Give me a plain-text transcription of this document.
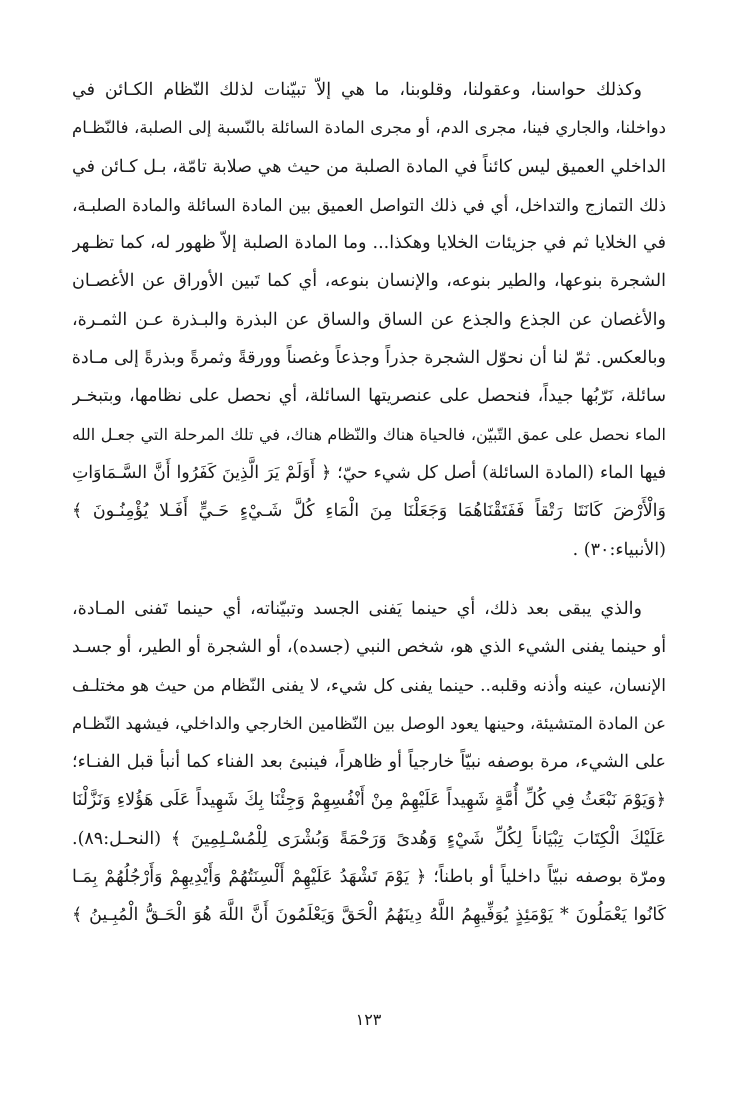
وكذلك حواسنا، وعقولنا، وقلوبنا، ما هي إلاّ تبيّنات لذلك النّظام الكـائن في
دواخلنا، والجاري فينا، مجرى الدم، أو مجرى المادة السائلة بالنّسبة إلى الصلبة، فالنّظـام
الداخلي العميق ليس كائناً في المادة الصلبة من حيث هي صلابة تامّة، بـل كـائن في
ذلك التمازج والتداخل، أي في ذلك التواصل العميق بين المادة السائلة والمادة الصلبـة،
في الخلايا ثم في جزيئات الخلايا وهكذا... وما المادة الصلبة إلاّ ظهور له، كما تظـهر
الشجرة بنوعها، والطير بنوعه، والإنسان بنوعه، أي كما تَبين الأوراق عن الأغصـان
والأغصان عن الجذع والجذع عن الساق والساق عن البذرة والبـذرة عـن الثمـرة،
وبالعكس. ثمّ لنا أن نحوّل الشجرة جذراً وجذعاً وغصناً وورقةً وثمرةً وبذرةً إلى مـادة
سائلة، نَرّبُها جيداً، فنحصل على عنصريتها السائلة، أي نحصل على نظامها، وبتبخـر
الماء نحصل على عمق التّبيّن، فالحياة هناك والنّظام هناك، في تلك المرحلة التي جعـل الله
فيها الماء (المادة السائلة) أصل كل شيء حيّ؛ ﴿ أَوَلَمْ يَرَ الَّذِينَ كَفَرُوا أَنَّ السَّـمَاوَاتِ
وَالْأَرْضَ كَانَتَا رَتْقاً فَفَتَقْنَاهُمَا وَجَعَلْنَا مِنَ الْمَاءِ كُلَّ شَـيْءٍ حَـيٍّ أَفَـلا يُؤْمِنُـونَ ﴾
(الأنبياء:٣٠) .
والذي يبقى بعد ذلك، أي حينما يَفنى الجسد وتبيّناته، أي حينما تَفنى المـادة،
أو حينما يفنى الشيء الذي هو، شخص النبي (جسده)، أو الشجرة أو الطير، أو جسـد
الإنسان، عينه وأذنه وقلبه.. حينما يفنى كل شيء، لا يفنى النّظام من حيث هو مختلـف
عن المادة المتشيئة، وحينها يعود الوصل بين النّظامين الخارجي والداخلي، فيشهد النّظـام
على الشيء، مرة بوصفه نبيّاً خارجياً أو ظاهراً، فينبئ بعد الفناء كما أنبأ قبل الفنـاء؛
﴿وَيَوْمَ نَبْعَثُ فِي كُلِّ أُمَّةٍ شَهِيداً عَلَيْهِمْ مِنْ أَنْفُسِهِمْ وَجِئْنَا بِكَ شَهِيداً عَلَى هَؤُلاءِ وَنَزَّلْنَا
عَلَيْكَ الْكِتَابَ تِبْيَاناً لِكُلِّ شَيْءٍ وَهُدىً وَرَحْمَةً وَبُشْرَى لِلْمُسْـلِمِينَ ﴾ (النحـل:٨٩).
ومرّة بوصفه نبيّاً داخلياً أو باطناً؛ ﴿ يَوْمَ تَشْهَدُ عَلَيْهِمْ أَلْسِنَتُهُمْ وَأَيْدِيهِمْ وَأَرْجُلُهُمْ بِمَـا
كَانُوا يَعْمَلُونَ * يَوْمَئِذٍ يُوَفِّيهِمُ اللَّهُ دِينَهُمُ الْحَقَّ وَيَعْلَمُونَ أَنَّ اللَّهَ هُوَ الْحَـقُّ الْمُبِـينُ ﴾
١٢٣
